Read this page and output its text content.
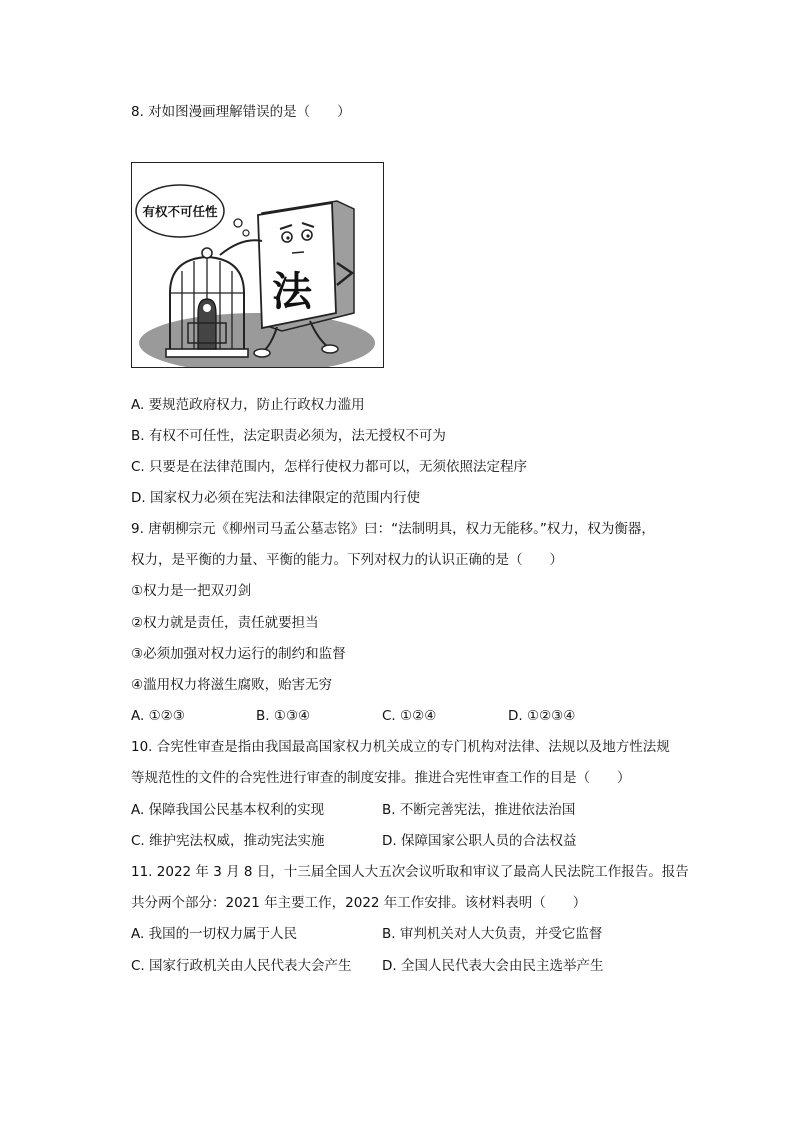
8. 对如图漫画理解错误的是（　　）
有权不可任性
法
A. 要规范政府权力，防止行政权力滥用
B. 有权不可任性，法定职责必须为，法无授权不可为
C. 只要是在法律范围内，怎样行使权力都可以，无须依照法定程序
D. 国家权力必须在宪法和法律限定的范围内行使
9. 唐朝柳宗元《柳州司马孟公墓志铭》曰：“法制明具，权力无能移。”权力，权为衡器，
权力，是平衡的力量、平衡的能力。下列对权力的认识正确的是（　　）
①权力是一把双刃剑
②权力就是责任，责任就要担当
③必须加强对权力运行的制约和监督
④滥用权力将滋生腐败，贻害无穷
A. ①②③	B. ①③④	C. ①②④	D. ①②③④
10. 合宪性审查是指由我国最高国家权力机关成立的专门机构对法律、法规以及地方性法规
等规范性的文件的合宪性进行审查的制度安排。推进合宪性审查工作的目是（　　）
A. 保障我国公民基本权利的实现	B. 不断完善宪法，推进依法治国
C. 维护宪法权威，推动宪法实施	D. 保障国家公职人员的合法权益
11. 2022 年 3 月 8 日，十三届全国人大五次会议听取和审议了最高人民法院工作报告。报告
共分两个部分：2021 年主要工作，2022 年工作安排。该材料表明（　　）
A. 我国的一切权力属于人民	B. 审判机关对人大负责，并受它监督
C. 国家行政机关由人民代表大会产生 D. 全国人民代表大会由民主选举产生
